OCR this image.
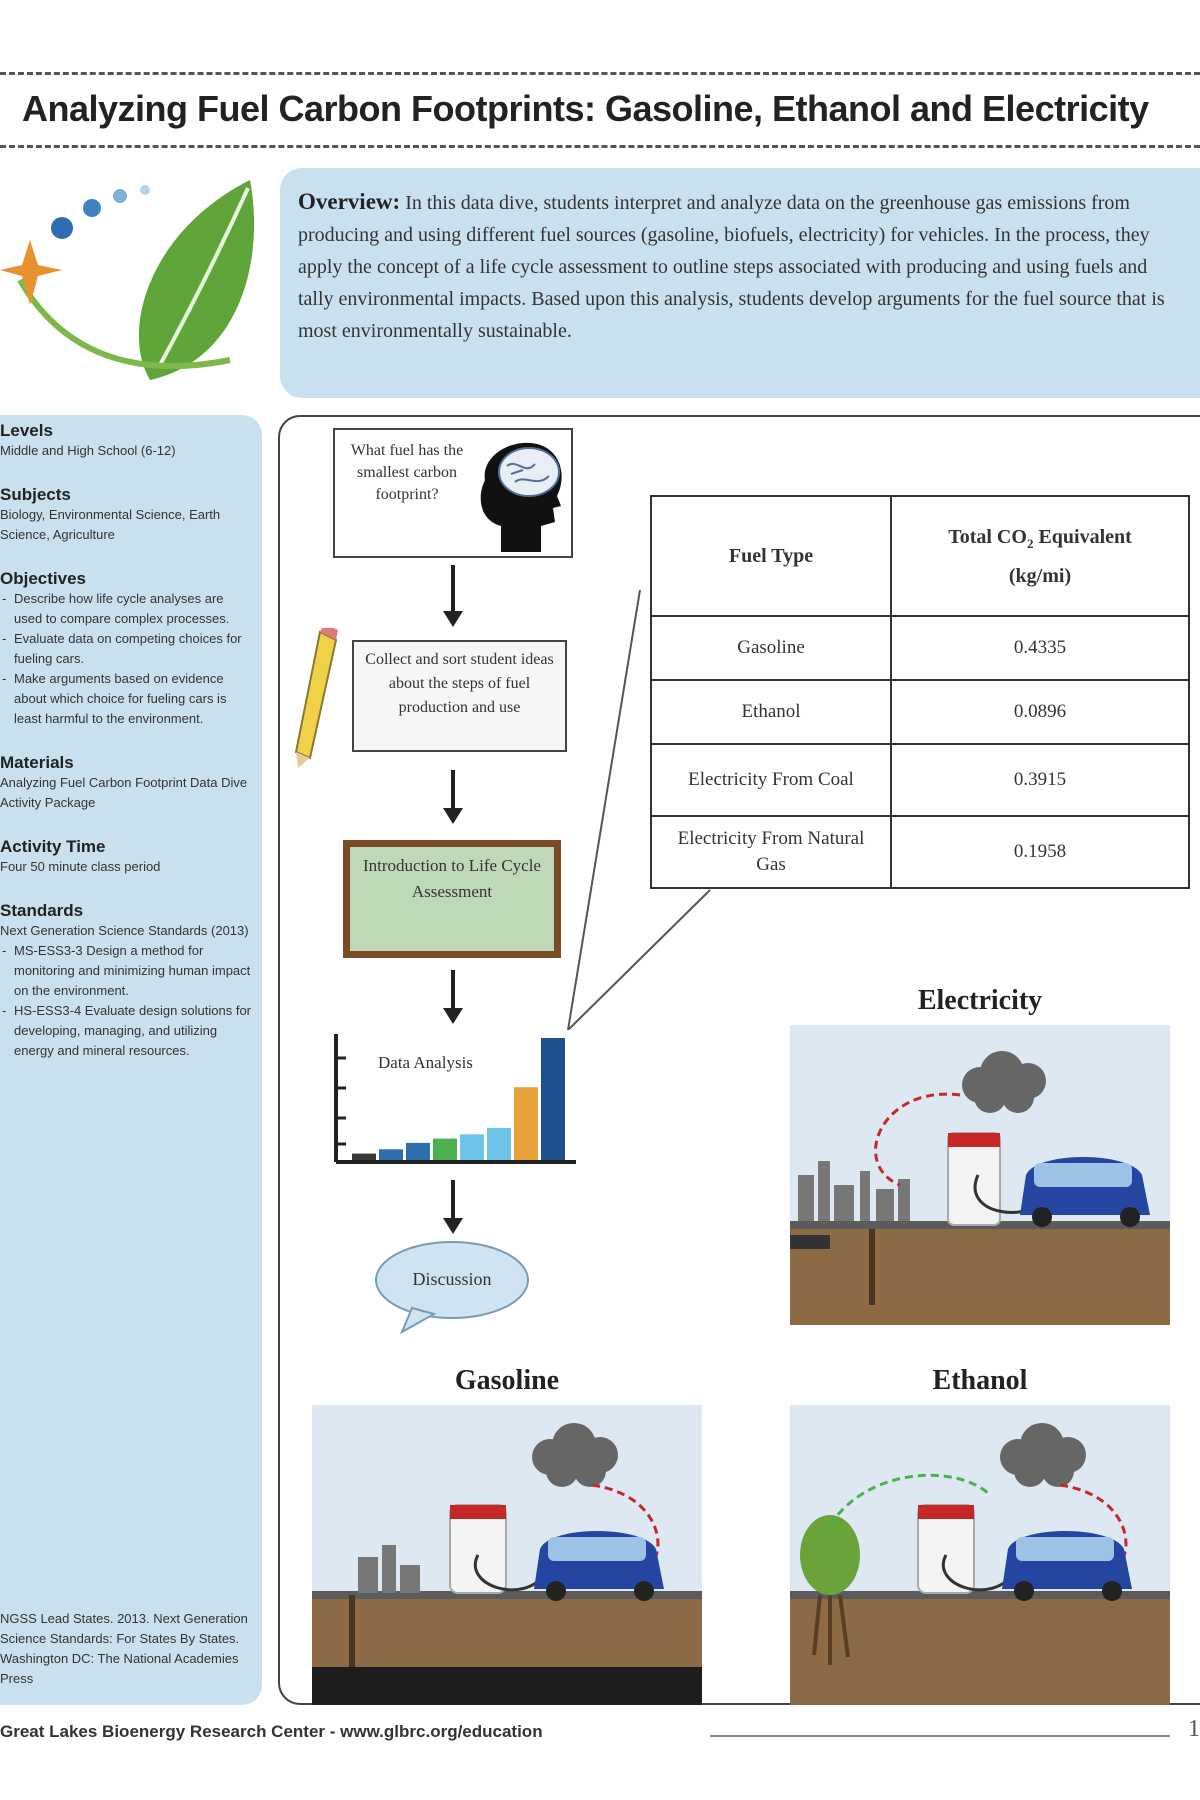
Analyzing Fuel Carbon Footprints: Gasoline, Ethanol and Electricity
Overview: In this data dive, students interpret and analyze data on the greenhouse gas emissions from producing and using different fuel sources (gasoline, biofuels, electricity) for vehicles. In the process, they apply the concept of a life cycle assessment to outline steps associated with producing and using fuels and tally environmental impacts. Based upon this analysis, students develop arguments for the fuel source that is most environmentally sustainable.
Levels
Middle and High School (6-12)
Subjects
Biology, Environmental Science, Earth Science, Agriculture
Objectives
- Describe how life cycle analyses are used to compare complex processes.
- Evaluate data on competing choices for fueling cars.
- Make arguments based on evidence about which choice for fueling cars is least harmful to the environment.
Materials
Analyzing Fuel Carbon Footprint Data Dive Activity Package
Activity Time
Four 50 minute class period
Standards
Next Generation Science Standards (2013)
- MS-ESS3-3 Design a method for monitoring and minimizing human impact on the environment.
- HS-ESS3-4 Evaluate design solutions for developing, managing, and utilizing energy and mineral resources.
NGSS Lead States. 2013. Next Generation Science Standards: For States By States. Washington DC: The National Academies Press
What fuel has the smallest carbon footprint?
Collect and sort student ideas about the steps of fuel production and use
Introduction to Life Cycle Assessment
Data Analysis
Discussion
Fuel Type	Total $CO_2$ Equivalent
(kg/mi)
Gasoline	0.4335
Ethanol	0.0896
Electricity From Coal	0.3915
Electricity From Natural Gas	0.1958
Electricity
Gasoline	Ethanol
Great Lakes Bioenergy Research Center - www.glbrc.org/education	1
